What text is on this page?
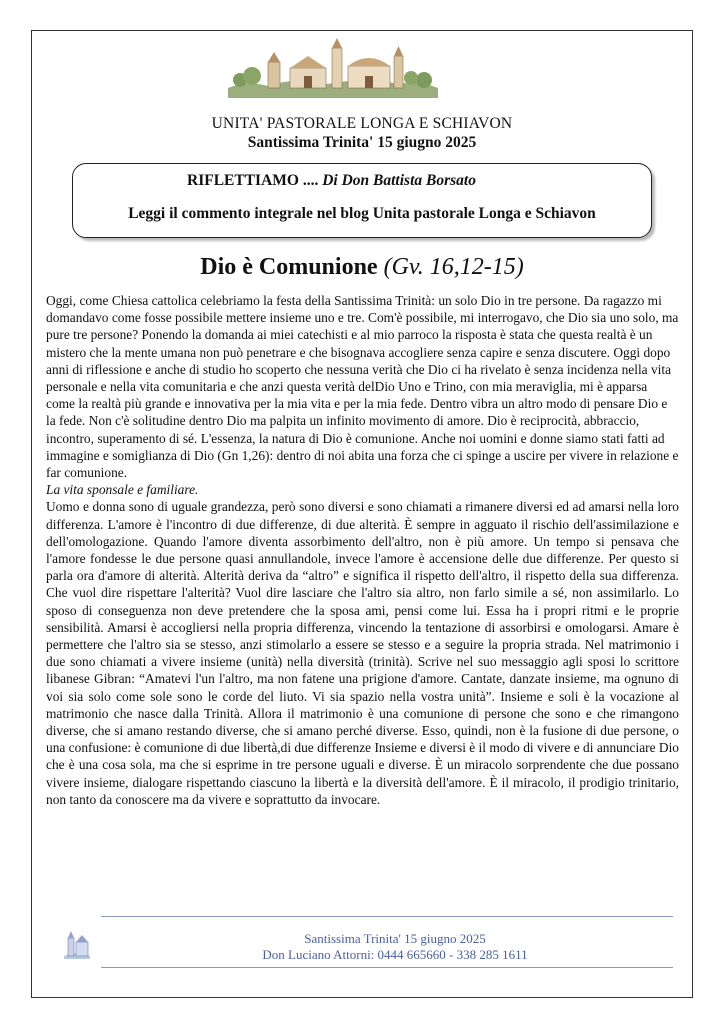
UNITA' PASTORALE LONGA E SCHIAVON
Santissima Trinita' 15 giugno 2025
RIFLETTIAMO .... Di Don Battista Borsato
Leggi il commento integrale nel blog Unita pastorale Longa e Schiavon
Dio è Comunione (Gv. 16,12-15)

Oggi, come Chiesa cattolica celebriamo la festa della Santissima Trinità: un solo Dio in tre persone. Da ragazzo mi domandavo come fosse possibile mettere insieme uno e tre. Com'è possibile, mi interrogavo, che Dio sia uno solo, ma pure tre persone? Ponendo la domanda ai miei catechisti e al mio parroco la risposta è stata che questa realtà è un mistero che la mente umana non può penetrare e che bisognava accogliere senza capire e senza discutere. Oggi dopo anni di riflessione e anche di studio ho scoperto che nessuna verità che Dio ci ha rivelato è senza incidenza nella vita personale e nella vita comunitaria e che anzi questa verità delDio Uno e Trino, con mia meraviglia, mi è apparsa come la realtà più grande e innovativa per la mia vita e per la mia fede. Dentro vibra un altro modo di pensare Dio e la fede. Non c'è solitudine dentro Dio ma palpita un infinito movimento di amore. Dio è reciprocità, abbraccio, incontro, superamento di sé. L'essenza, la natura di Dio è comunione. Anche noi uomini e donne siamo stati fatti ad immagine e somiglianza di Dio (Gn 1,26): dentro di noi abita una forza che ci spinge a uscire per vivere in relazione e far comunione.

La vita sponsale e familiare.

Uomo e donna sono di uguale grandezza, però sono diversi e sono chiamati a rimanere diversi ed ad amarsi nella loro differenza. L'amore è l'incontro di due differenze, di due alterità. È sempre in agguato il rischio dell'assimilazione e dell'omologazione. Quando l'amore diventa assorbimento dell'altro, non è più amore. Un tempo si pensava che l'amore fondesse le due persone quasi annullandole, invece l'amore è accensione delle due differenze. Per questo si parla ora d'amore di alterità. Alterità deriva da “altro” e significa il rispetto dell'altro, il rispetto della sua differenza. Che vuol dire rispettare l'alterità? Vuol dire lasciare che l'altro sia altro, non farlo simile a sé, non assimilarlo. Lo sposo di conseguenza non deve pretendere che la sposa ami, pensi come lui. Essa ha i propri ritmi e le proprie sensibilità. Amarsi è accogliersi nella propria differenza, vincendo la tentazione di assorbirsi e omologarsi. Amare è permettere che l'altro sia se stesso, anzi stimolarlo a essere se stesso e a seguire la propria strada. Nel matrimonio i due sono chiamati a vivere insieme (unità) nella diversità (trinità). Scrive nel suo messaggio agli sposi lo scrittore libanese Gibran: “Amatevi l'un l'altro, ma non fatene una prigione d'amore. Cantate, danzate insieme, ma ognuno di voi sia solo come sole sono le corde del liuto. Vi sia spazio nella vostra unità”. Insieme e soli è la vocazione al matrimonio che nasce dalla Trinità. Allora il matrimonio è una comunione di persone che sono e che rimangono diverse, che si amano restando diverse, che si amano perché diverse. Esso, quindi, non è la fusione di due persone, o una confusione: è comunione di due libertà,di due differenze Insieme e diversi è il modo di vivere e di annunciare Dio che è una cosa sola, ma che si esprime in tre persone uguali e diverse. È un miracolo sorprendente che due possano vivere insieme, dialogare rispettando ciascuno la libertà e la diversità dell'amore. È il miracolo, il prodigio trinitario, non tanto da conoscere ma da vivere e soprattutto da invocare.

Santissima Trinita' 15 giugno 2025
Don Luciano Attorni: 0444 665660 - 338 285 1611
